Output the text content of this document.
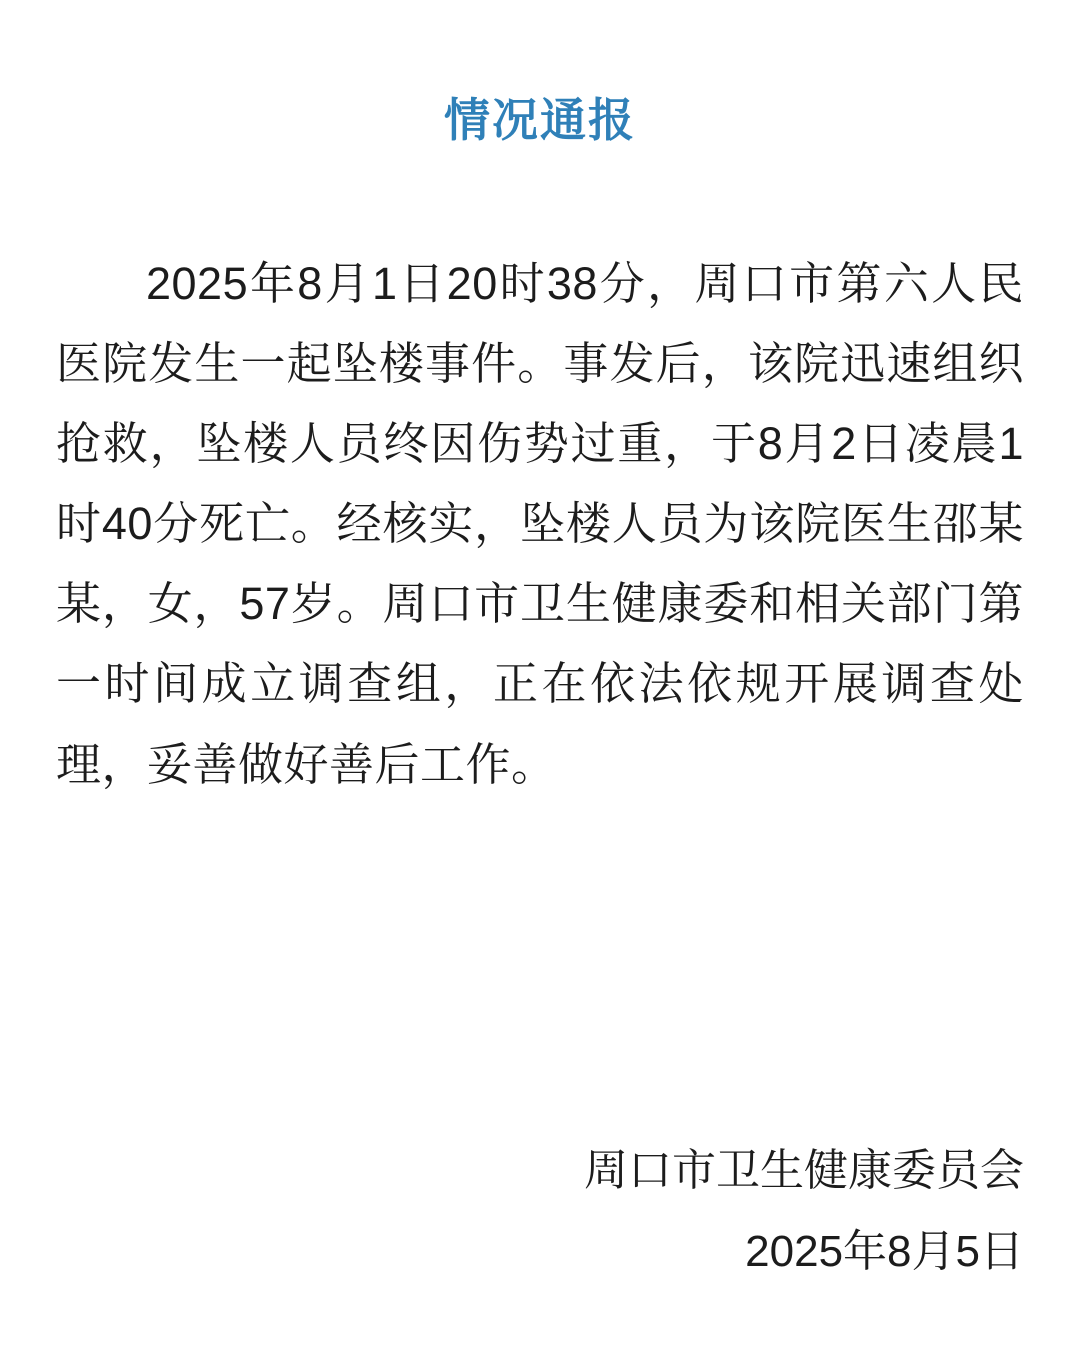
情况通报

2025年8月1日20时38分，周口市第六人民医院发生一起坠楼事件。事发后，该院迅速组织抢救，坠楼人员终因伤势过重，于8月2日凌晨1时40分死亡。经核实，坠楼人员为该院医生邵某某，女，57岁。周口市卫生健康委和相关部门第一时间成立调查组，正在依法依规开展调查处理，妥善做好善后工作。

周口市卫生健康委员会
2025年8月5日
